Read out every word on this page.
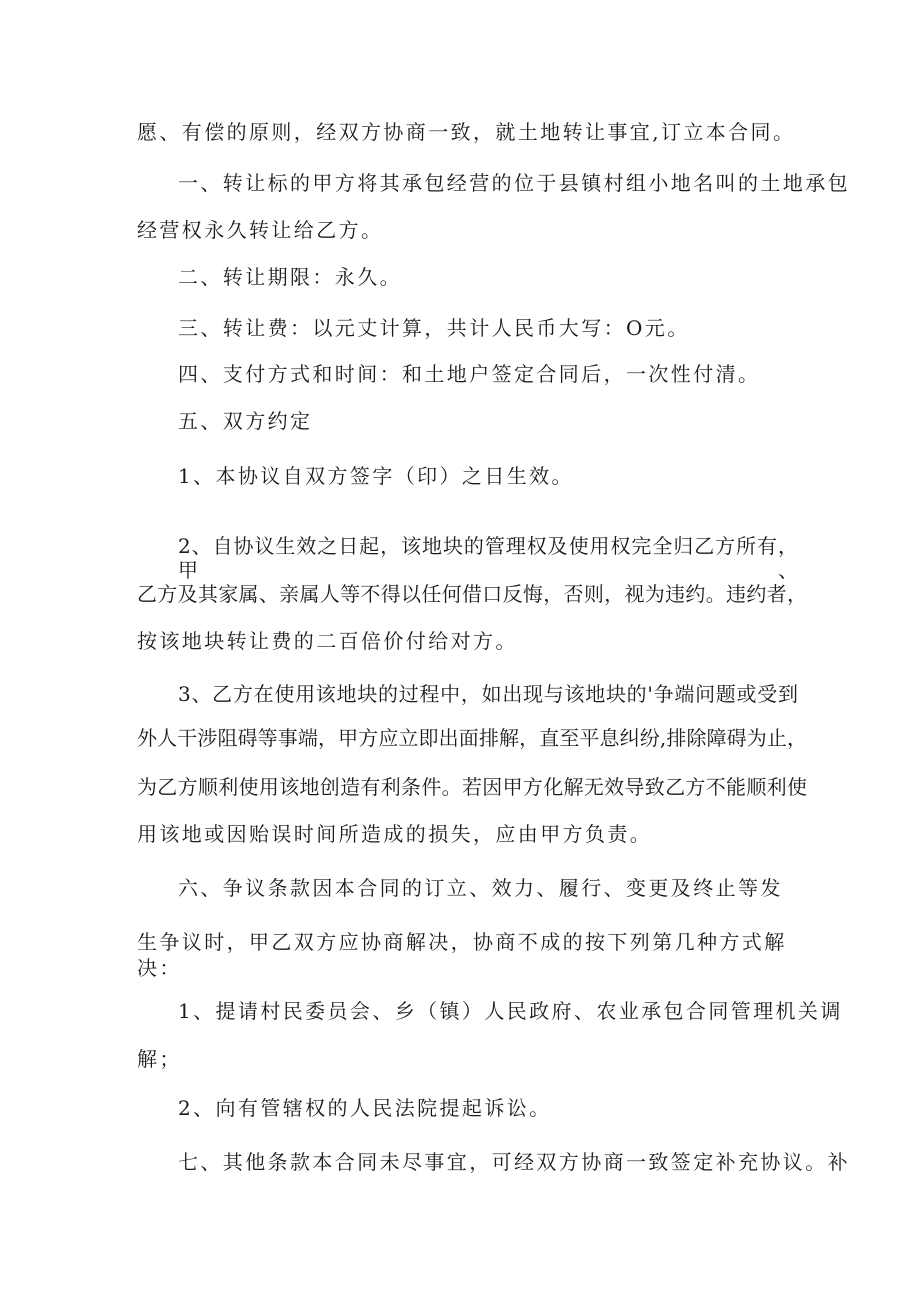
愿、有偿的原则，经双方协商一致，就土地转让事宜,订立本合同。

一、转让标的甲方将其承包经营的位于县镇村组小地名叫的土地承包

经营权永久转让给乙方。

二、转让期限：永久。

三、转让费：以元丈计算，共计人民币大写：O元。

四、支付方式和时间：和土地户签定合同后，一次性付清。

五、双方约定

1、本协议自双方签字（印）之日生效。

2、自协议生效之日起，该地块的管理权及使用权完全归乙方所有，甲、

乙方及其家属、亲属人等不得以任何借口反悔，否则，视为违约。违约者，

按该地块转让费的二百倍价付给对方。

3、乙方在使用该地块的过程中，如出现与该地块的'争端问题或受到

外人干涉阻碍等事端，甲方应立即出面排解，直至平息纠纷,排除障碍为止，

为乙方顺利使用该地创造有利条件。若因甲方化解无效导致乙方不能顺利使

用该地或因贻误时间所造成的损失，应由甲方负责。

六、争议条款因本合同的订立、效力、履行、变更及终止等发

生争议时，甲乙双方应协商解决，协商不成的按下列第几种方式解

决：

1、提请村民委员会、乡（镇）人民政府、农业承包合同管理机关调

解；

2、向有管辖权的人民法院提起诉讼。

七、其他条款本合同未尽事宜，可经双方协商一致签定补充协议。补
